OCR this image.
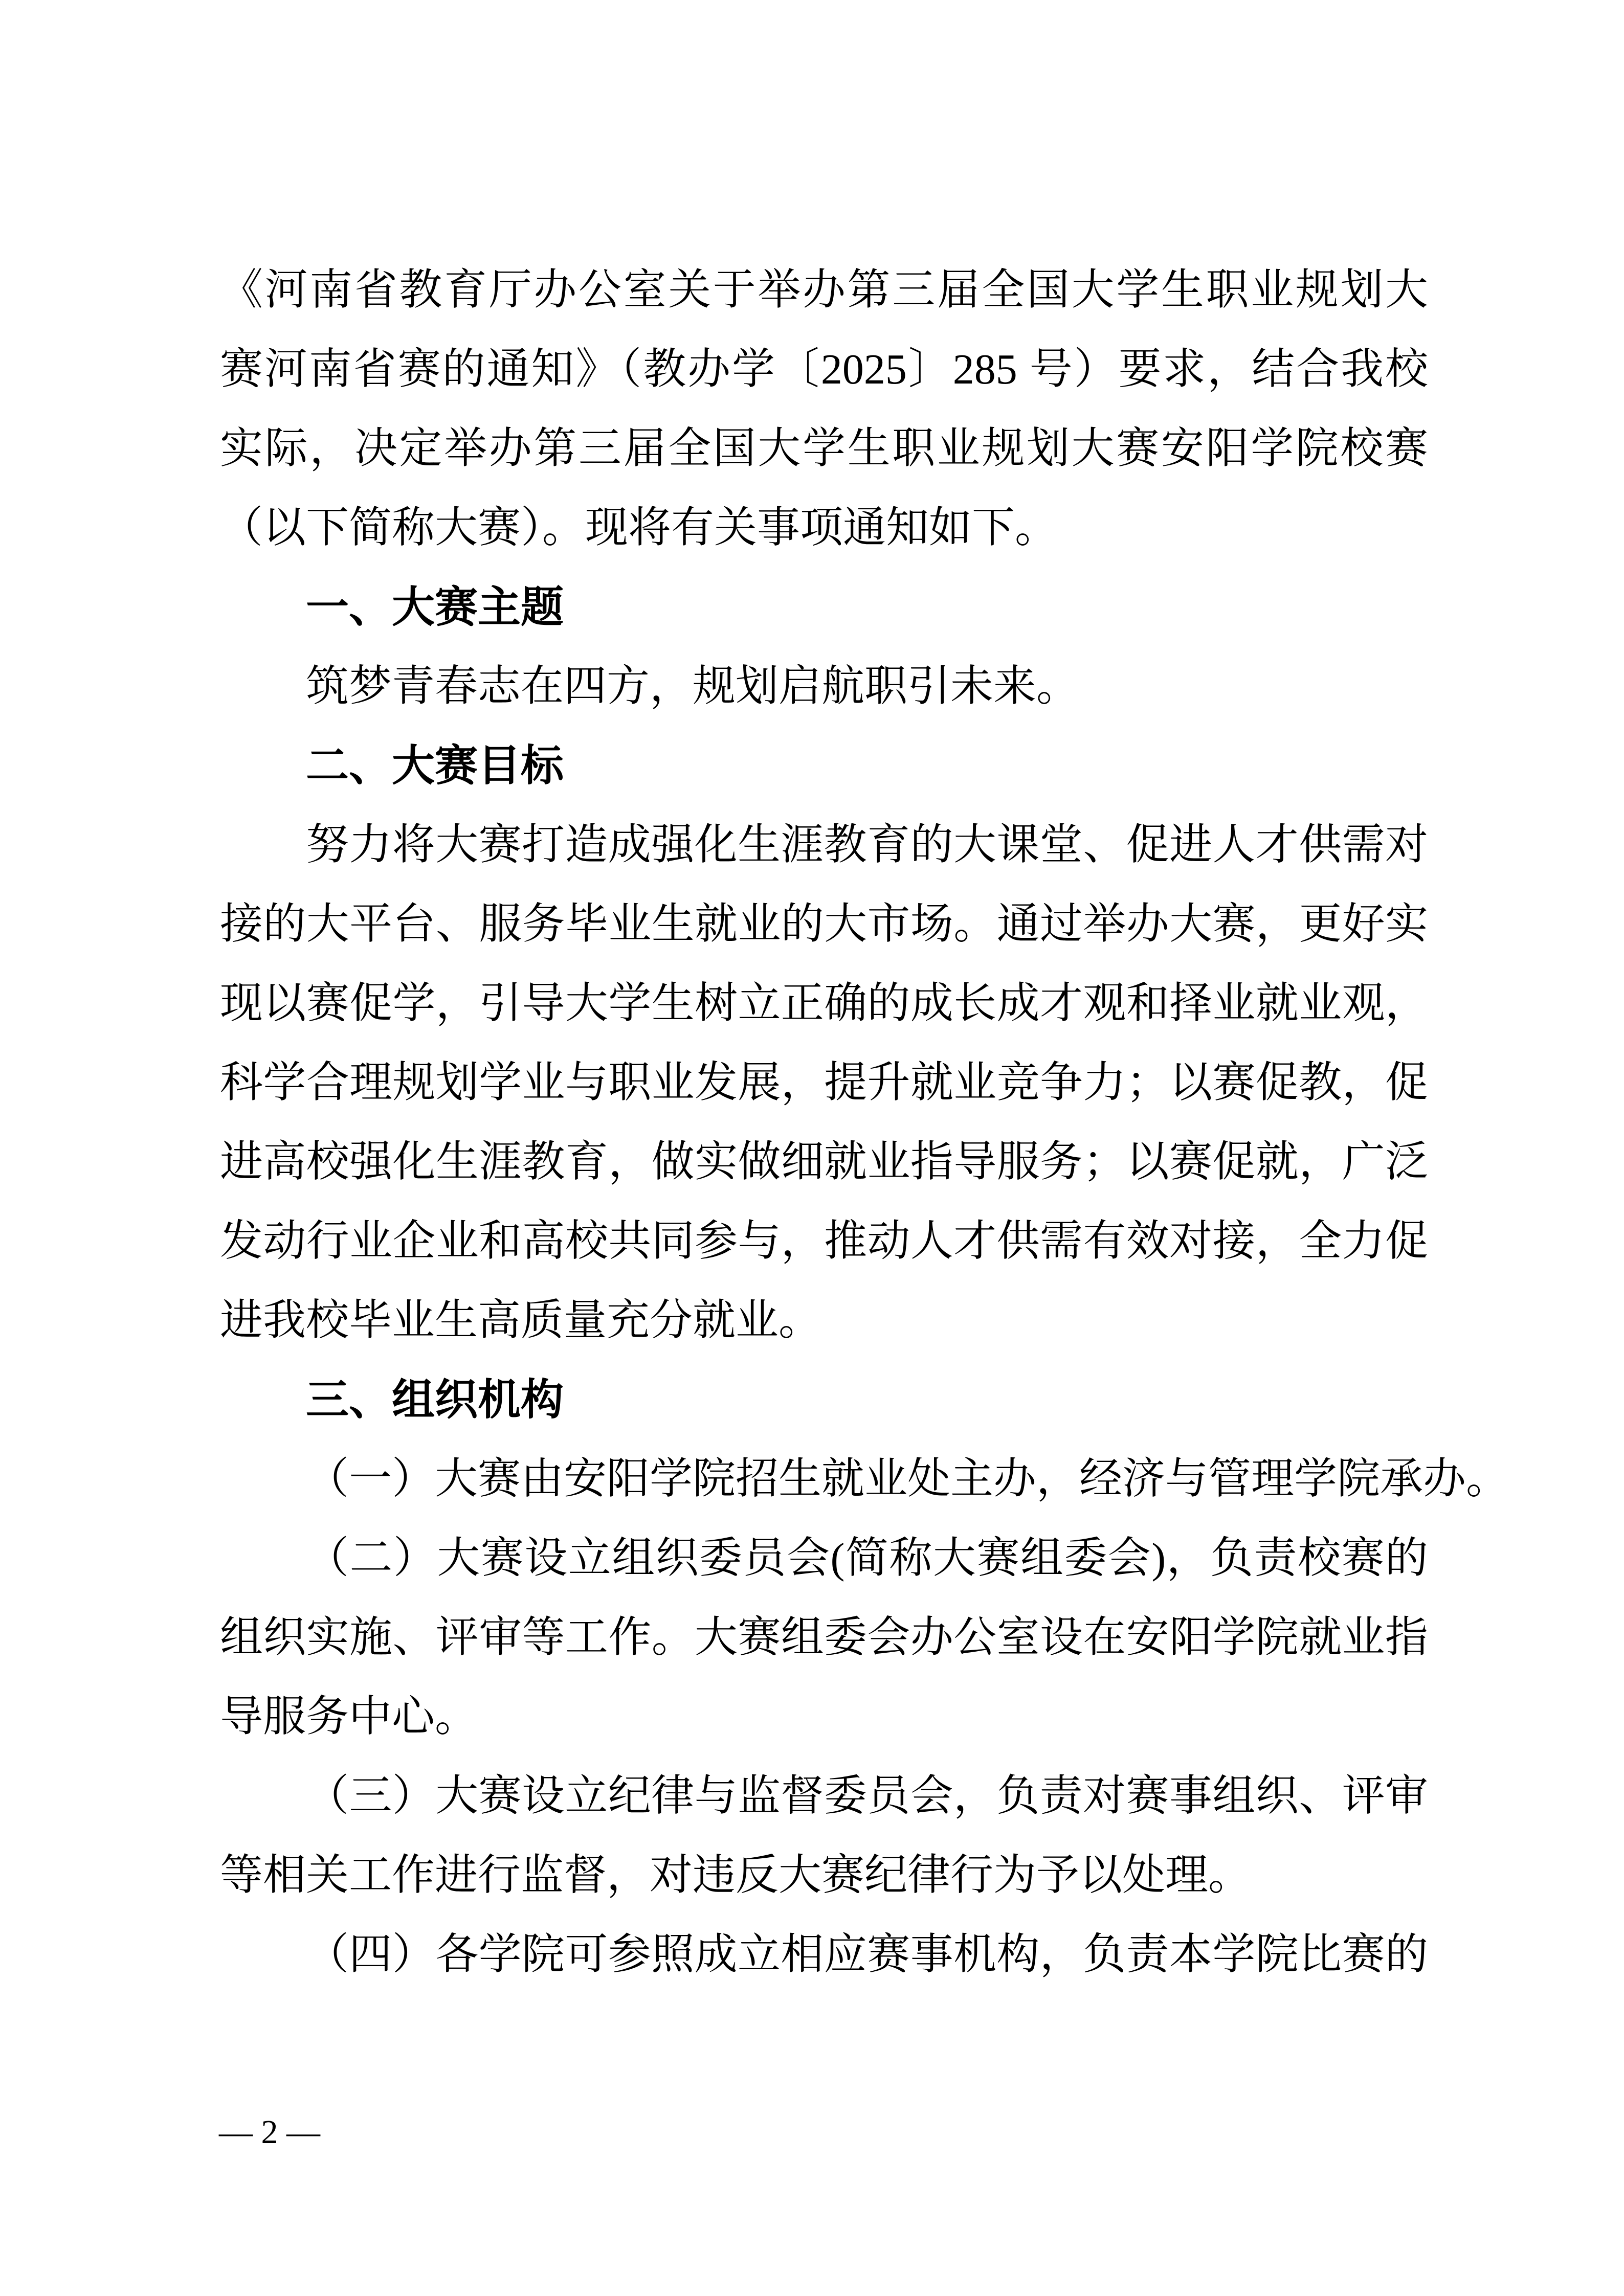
《河南省教育厅办公室关于举办第三届全国大学生职业规划大
赛河南省赛的通知》（教办学〔2025〕285 号）要求，结合我校
实际，决定举办第三届全国大学生职业规划大赛安阳学院校赛
（以下简称大赛）。现将有关事项通知如下。
一、大赛主题
筑梦青春志在四方，规划启航职引未来。
二、大赛目标
努力将大赛打造成强化生涯教育的大课堂、促进人才供需对
接的大平台、服务毕业生就业的大市场。通过举办大赛，更好实
现以赛促学，引导大学生树立正确的成长成才观和择业就业观，
科学合理规划学业与职业发展，提升就业竞争力；以赛促教，促
进高校强化生涯教育，做实做细就业指导服务；以赛促就，广泛
发动行业企业和高校共同参与，推动人才供需有效对接，全力促
进我校毕业生高质量充分就业。
三、组织机构
（一）大赛由安阳学院招生就业处主办，经济与管理学院承办。
（二）大赛设立组织委员会(简称大赛组委会)，负责校赛的
组织实施、评审等工作。大赛组委会办公室设在安阳学院就业指
导服务中心。
（三）大赛设立纪律与监督委员会，负责对赛事组织、评审
等相关工作进行监督，对违反大赛纪律行为予以处理。
（四）各学院可参照成立相应赛事机构，负责本学院比赛的
— 2 —
